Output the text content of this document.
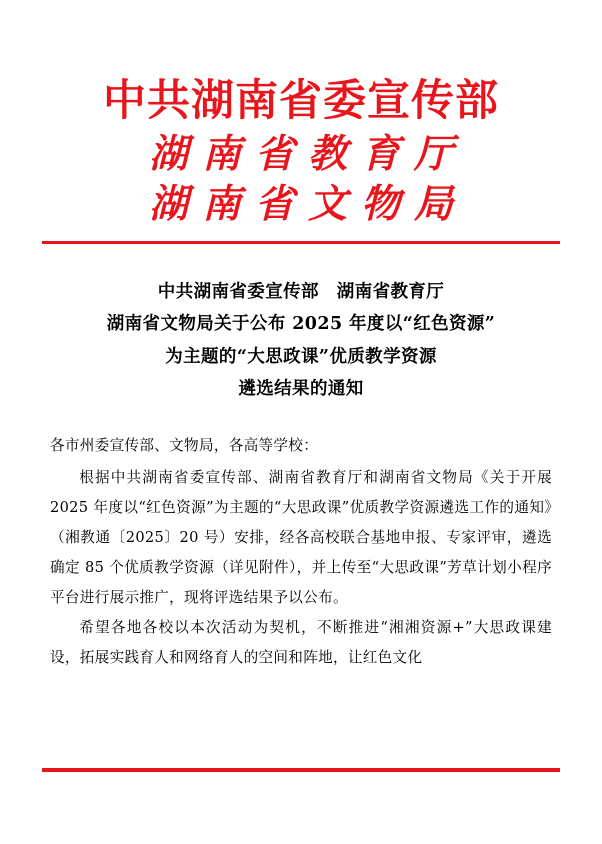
中共湖南省委宣传部
湖南省教育厅
湖南省文物局
中共湖南省委宣传部　湖南省教育厅
湖南省文物局关于公布 2025 年度以“红色资源”
为主题的“大思政课”优质教学资源
遴选结果的通知
各市州委宣传部、文物局，各高等学校：

根据中共湖南省委宣传部、湖南省教育厅和湖南省文物局《关于开展 2025 年度以“红色资源”为主题的“大思政课”优质教学资源遴选工作的通知》（湘教通〔2025〕20 号）安排，经各高校联合基地申报、专家评审，遴选确定 85 个优质教学资源（详见附件），并上传至“大思政课”芳草计划小程序平台进行展示推广，现将评选结果予以公布。

希望各地各校以本次活动为契机，不断推进“湘湘资源+”大思政课建设，拓展实践育人和网络育人的空间和阵地，让红色文化
